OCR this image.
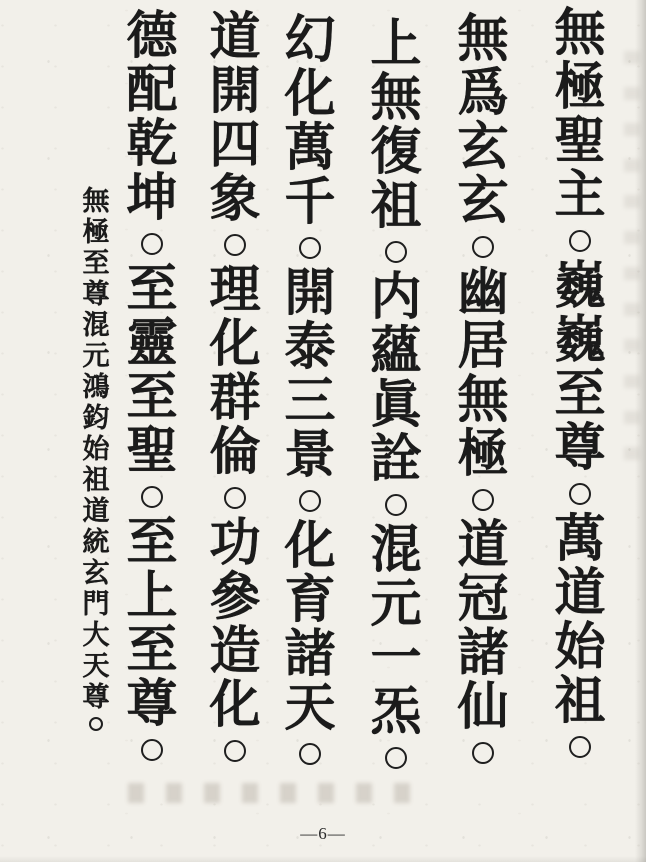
無
極
聖
主
巍
巍
至
尊
萬
道
始
祖
無
爲
玄
玄
幽
居
無
極
道
冠
諸
仙
上
無
復
祖
内
蘊
眞
詮
混
元
一
炁
幻
化
萬
千
開
泰
三
景
化
育
諸
天
道
開
四
象
理
化
群
倫
功
參
造
化
德
配
乾
坤
至
靈
至
聖
至
上
至
尊
無
極
至
尊
混
元
鴻
鈞
始
祖
道
統
玄
門
大
天
尊
—6—
